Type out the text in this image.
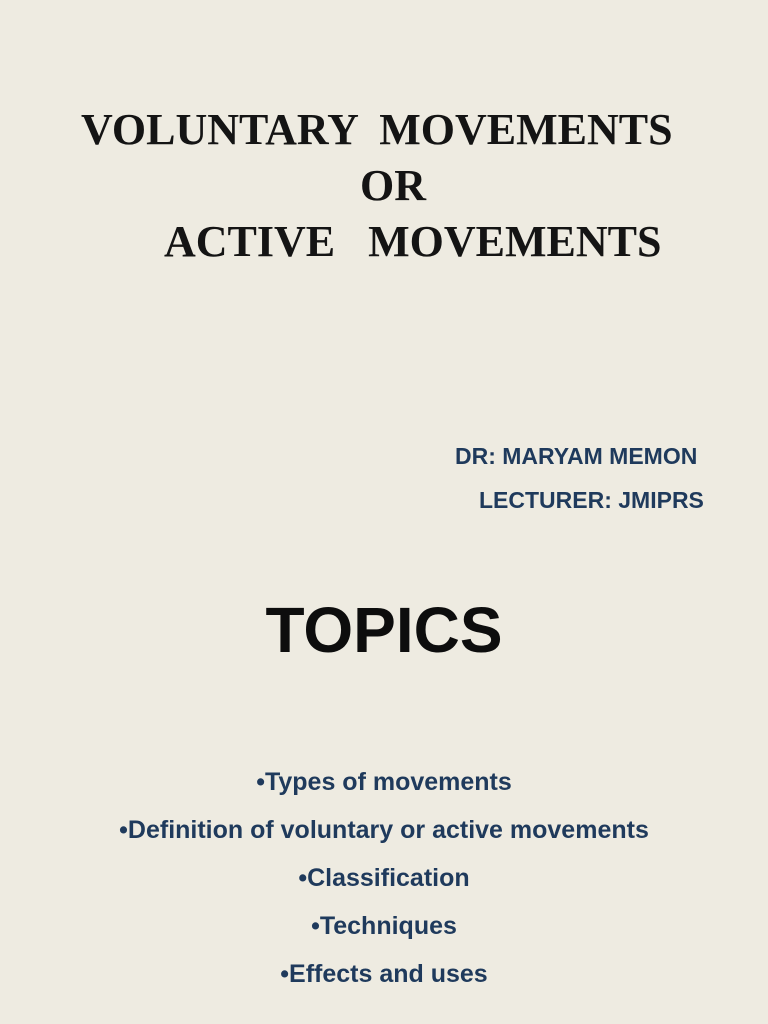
VOLUNTARY  MOVEMENTS
OR
ACTIVE   MOVEMENTS
DR: MARYAM MEMON
LECTURER: JMIPRS
TOPICS
•Types of movements
•Definition of voluntary or active movements
•Classification
•Techniques
•Effects and uses
